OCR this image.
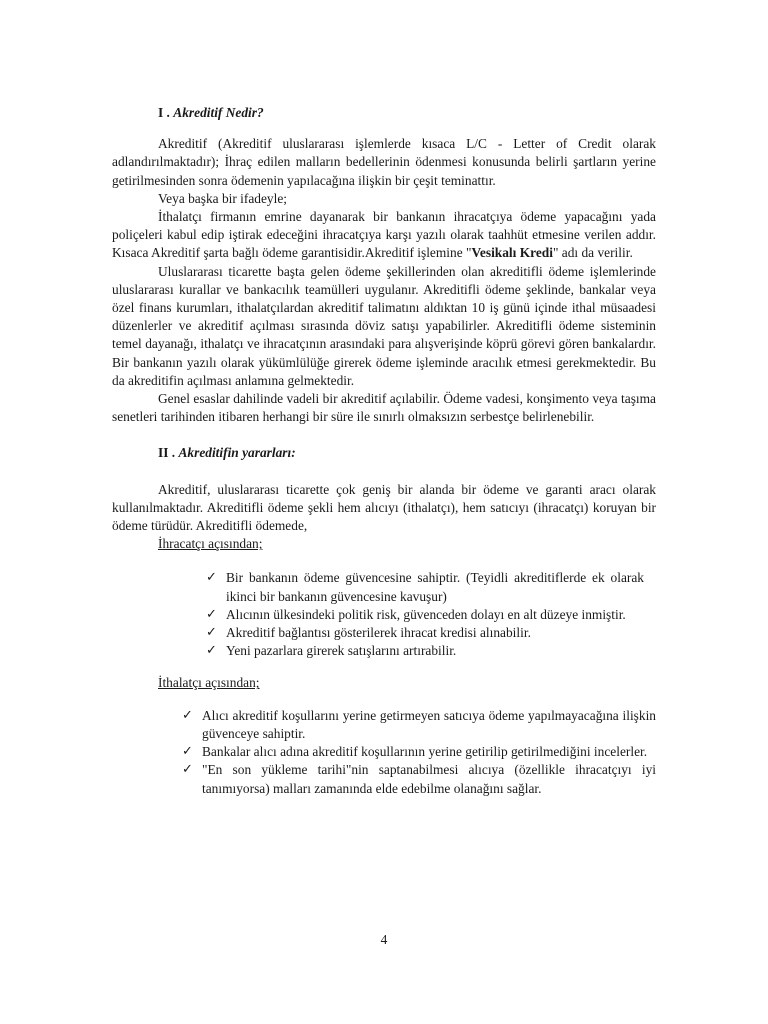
I . Akreditif Nedir?

Akreditif (Akreditif uluslararası işlemlerde kısaca L/C - Letter of Credit olarak adlandırılmaktadır); İhraç edilen malların bedellerinin ödenmesi konusunda belirli şartların yerine getirilmesinden sonra ödemenin yapılacağına ilişkin bir çeşit teminattır.

Veya başka bir ifadeyle;

İthalatçı firmanın emrine dayanarak bir bankanın ihracatçıya ödeme yapacağını yada poliçeleri kabul edip iştirak edeceğini ihracatçıya karşı yazılı olarak taahhüt etmesine verilen addır. Kısaca Akreditif şarta bağlı ödeme garantisidir.Akreditif işlemine "Vesikalı Kredi" adı da verilir.

Uluslararası ticarette başta gelen ödeme şekillerinden olan akreditifli ödeme işlemlerinde uluslararası kurallar ve bankacılık teamülleri uygulanır. Akreditifli ödeme şeklinde, bankalar veya özel finans kurumları, ithalatçılardan akreditif talimatını aldıktan 10 iş günü içinde ithal müsaadesi düzenlerler ve akreditif açılması sırasında döviz satışı yapabilirler. Akreditifli ödeme sisteminin temel dayanağı, ithalatçı ve ihracatçının arasındaki para alışverişinde köprü görevi gören bankalardır. Bir bankanın yazılı olarak yükümlülüğe girerek ödeme işleminde aracılık etmesi gerekmektedir. Bu da akreditifin açılması anlamına gelmektedir.

Genel esaslar dahilinde vadeli bir akreditif açılabilir. Ödeme vadesi, konşimento veya taşıma senetleri tarihinden itibaren herhangi bir süre ile sınırlı olmaksızın serbestçe belirlenebilir.

II . Akreditifin yararları:

Akreditif, uluslararası ticarette çok geniş bir alanda bir ödeme ve garanti aracı olarak kullanılmaktadır. Akreditifli ödeme şekli hem alıcıyı (ithalatçı), hem satıcıyı (ihracatçı) koruyan bir ödeme türüdür. Akreditifli ödemede,

İhracatçı açısından;
✓ Bir bankanın ödeme güvencesine sahiptir. (Teyidli akreditiflerde ek olarak ikinci bir bankanın güvencesine kavuşur)
✓ Alıcının ülkesindeki politik risk, güvenceden dolayı en alt düzeye inmiştir.
✓ Akreditif bağlantısı gösterilerek ihracat kredisi alınabilir.
✓ Yeni pazarlara girerek satışlarını artırabilir.
İthalatçı açısından;
✓ Alıcı akreditif koşullarını yerine getirmeyen satıcıya ödeme yapılmayacağına ilişkin güvenceye sahiptir.
✓ Bankalar alıcı adına akreditif koşullarının yerine getirilip getirilmediğini incelerler.
✓ "En son yükleme tarihi"nin saptanabilmesi alıcıya (özellikle ihracatçıyı iyi tanımıyorsa) malları zamanında elde edebilme olanağını sağlar.
4
